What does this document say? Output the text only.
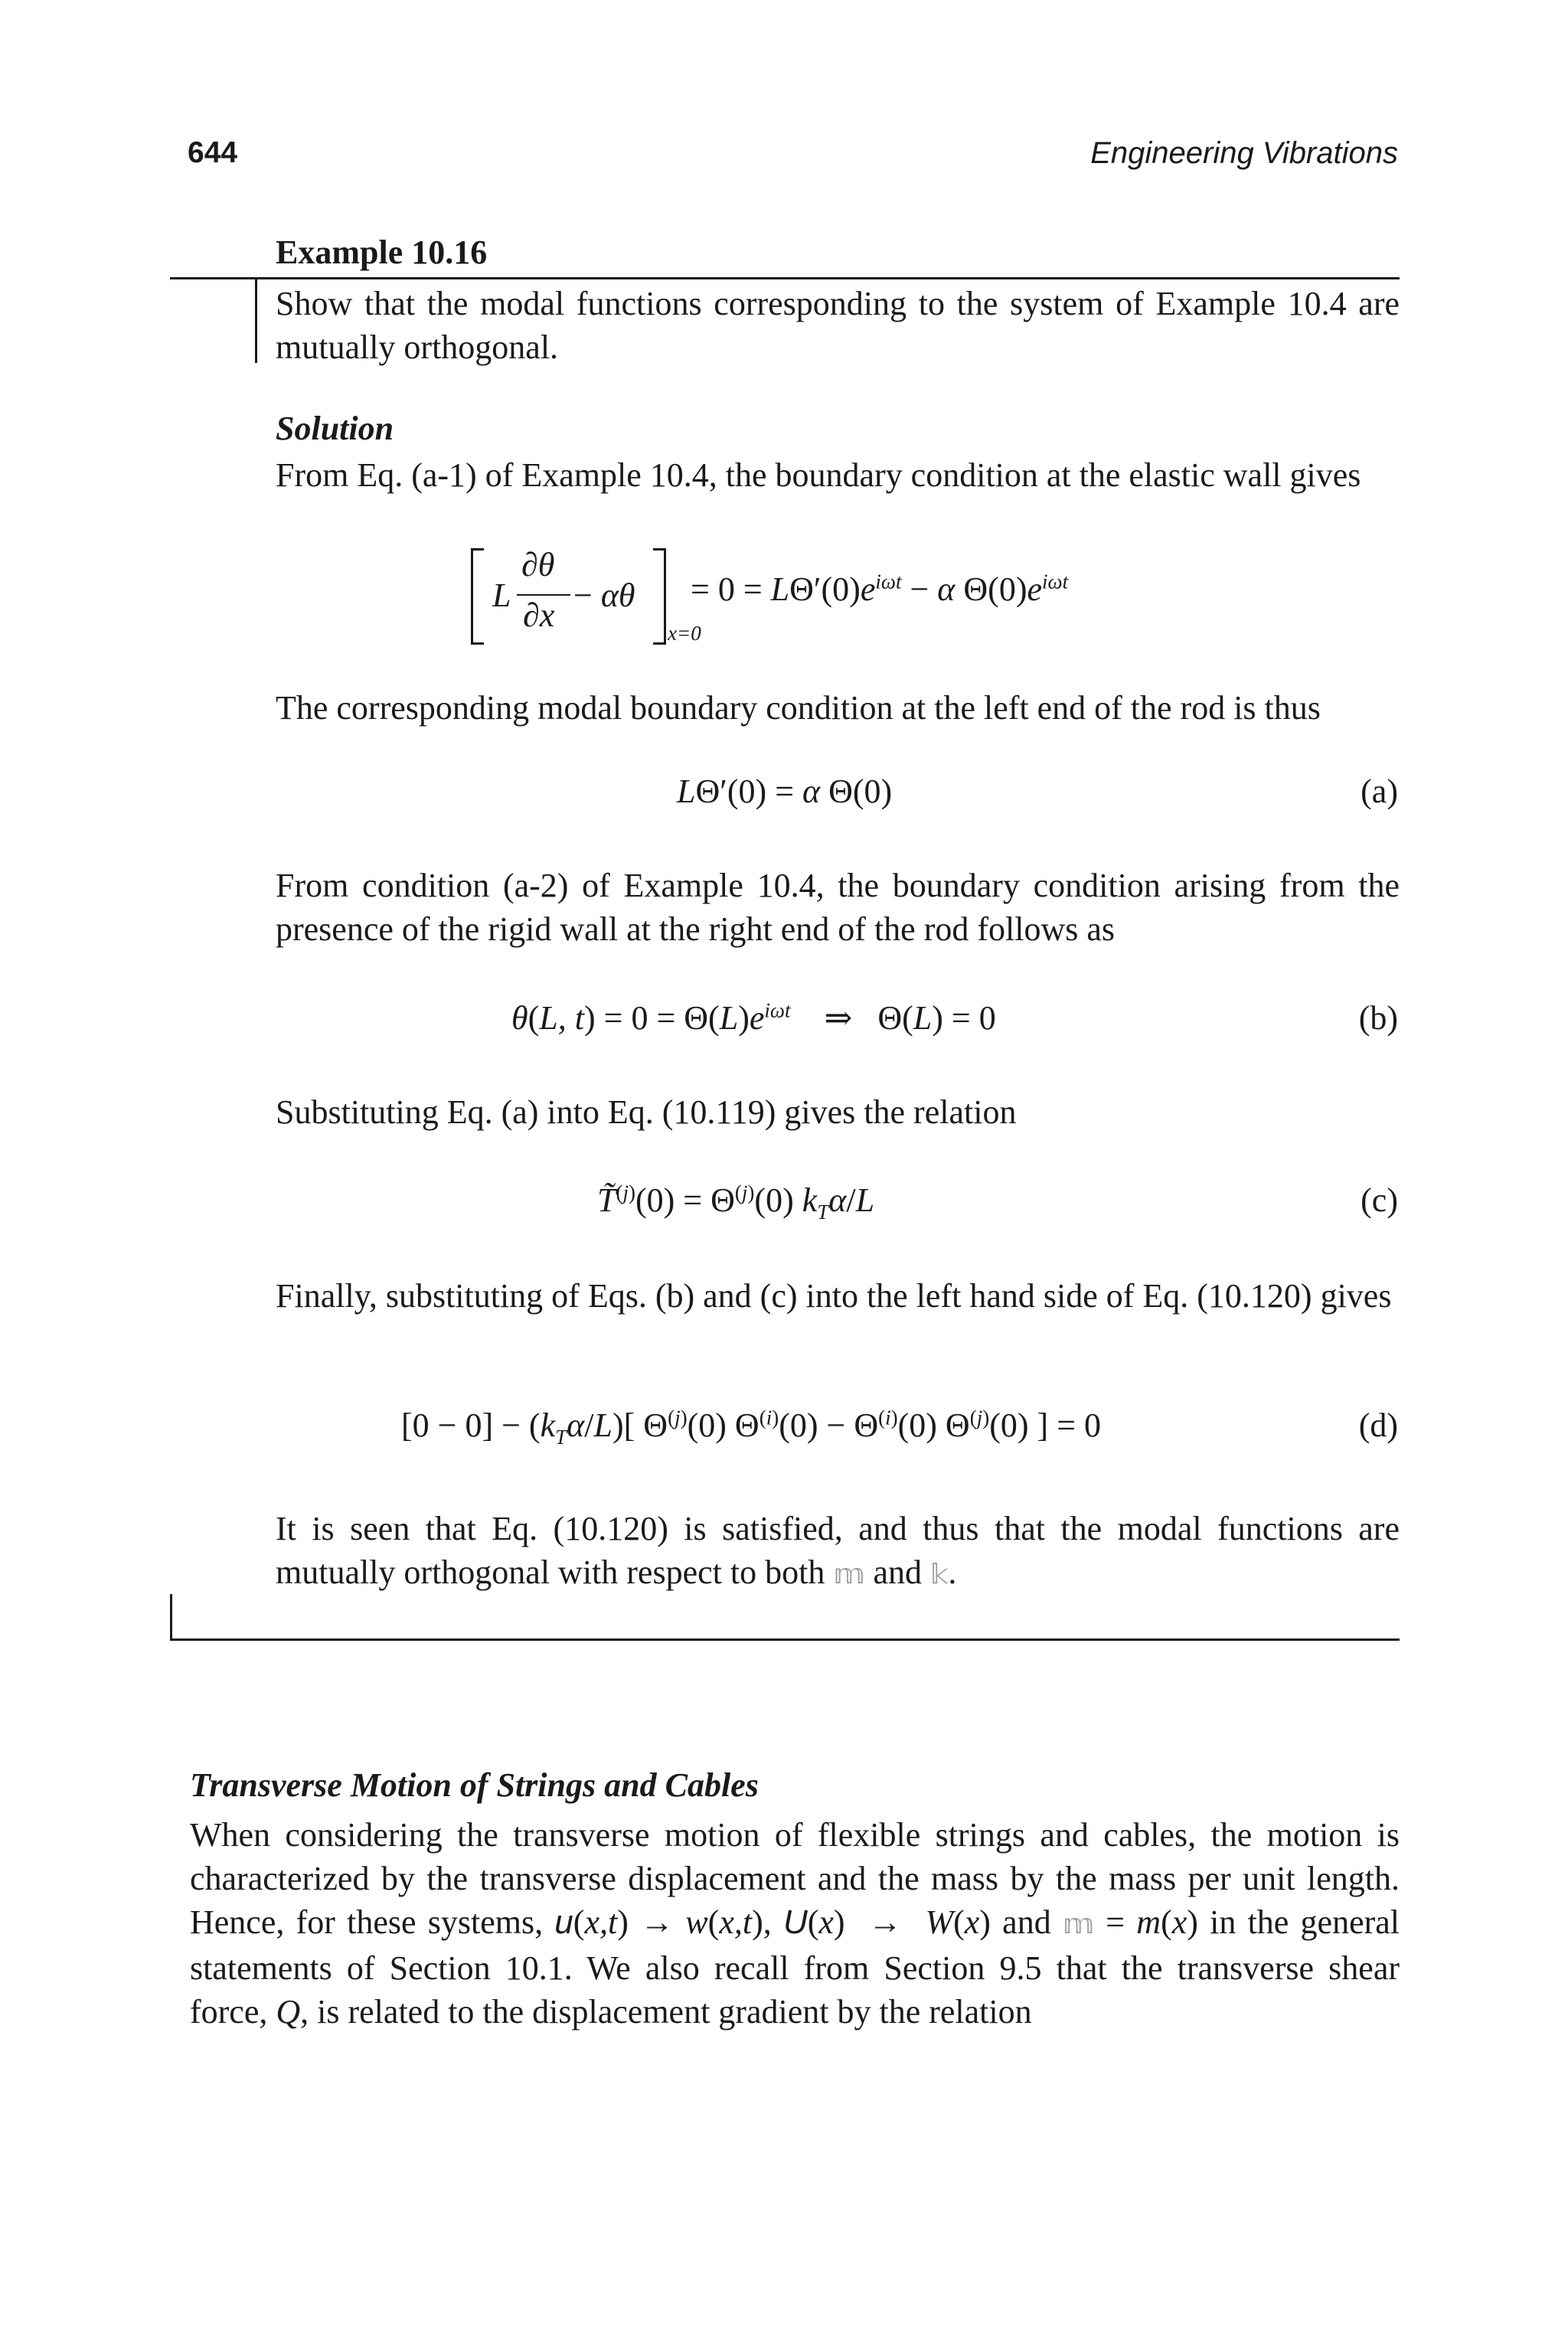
644	Engineering Vibrations
Example 10.16
Show that the modal functions corresponding to the system of Example 10.4 are mutually orthogonal.
Solution
From Eq. (a-1) of Example 10.4, the boundary condition at the elastic wall gives
L
∂θ
∂x
− αθ
x=0
= $0 = L\Theta'(0)e^{i\omega t} - \alpha$ $\Theta(0)e^{i\omega t}$
The corresponding modal boundary condition at the left end of the rod is thus
LΘ′(0) = α Θ(0)	(a)
From condition (a-2) of Example 10.4, the boundary condition arising from the presence of the rigid wall at the right end of the rod follows as
θ(L, $t) = 0 = \Theta(L)e^{i\omega t}$    ⇒   Θ(L) = 0	(b)
Substituting Eq. (a) into Eq. (10.119) gives the relation
T̃$^{(j)}$(0) = $\Theta^{(j)}(0)$ $k_T\alpha/L$	(c)
Finally, substituting of Eqs. (b) and (c) into the left hand side of Eq. (10.120) gives
$[0 - 0] - (k_T\alpha/L)$[ $\Theta^{(j)}(0) \Theta^{(i)}(0) - \Theta^{(i)}(0)$ $\Theta^{(j)}(0)$ ] = 0	(d)
It is seen that Eq. (10.120) is satisfied, and thus that the modal functions are mutually orthogonal with respect to both 𝕞 and 𝕜.
Transverse Motion of Strings and Cables
When considering the transverse motion of flexible strings and cables, the motion is characterized by the transverse displacement and the mass by the mass per unit length. Hence, for these systems, u(x,t) → w(x,t), U(x)  →  W(x) and 𝕞 = m(x) in the general statements of Section 10.1. We also recall from Section 9.5 that the transverse shear force, Q, is related to the displacement gradient by the relation
